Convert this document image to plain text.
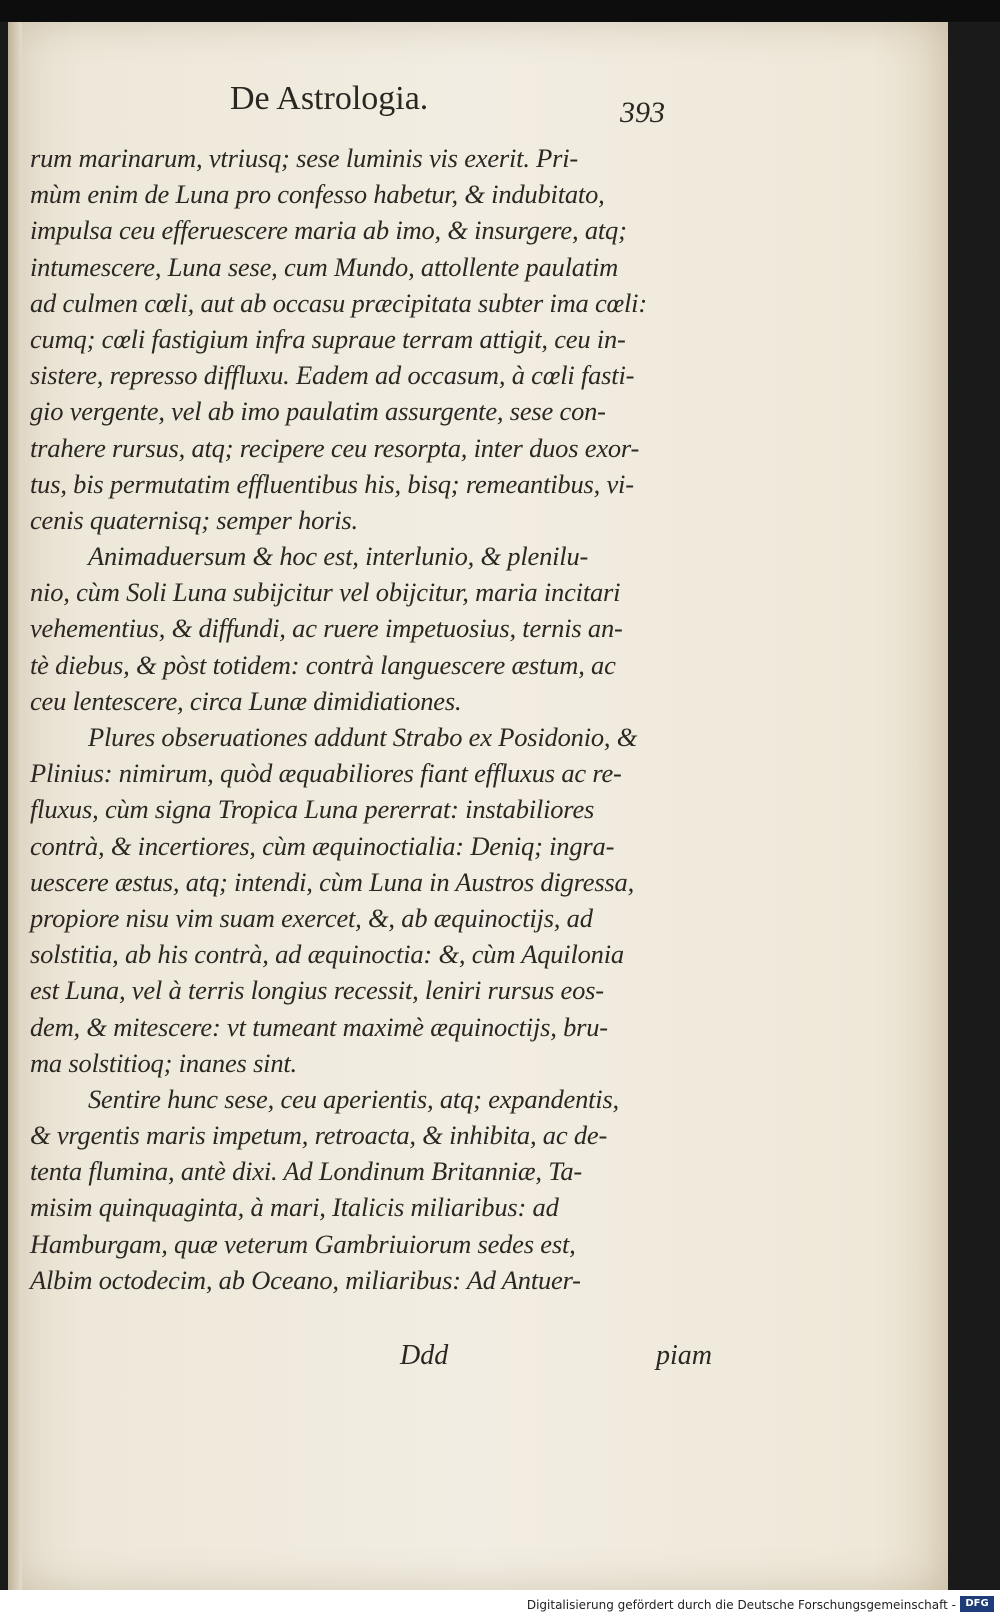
De Astrologia.	393
rum marinarum, vtriusq; sese luminis vis exerit. Pri-
mùm enim de Luna pro confesso habetur, & indubitato,
impulsa ceu efferuescere maria ab imo, & insurgere, atq;
intumescere, Luna sese, cum Mundo, attollente paulatim
ad culmen cœli, aut ab occasu præcipitata subter ima cœli:
cumq; cœli fastigium infra supraue terram attigit, ceu in-
sistere, represso diffluxu. Eadem ad occasum, à cœli fasti-
gio vergente, vel ab imo paulatim assurgente, sese con-
trahere rursus, atq; recipere ceu resorpta, inter duos exor-
tus, bis permutatim effluentibus his, bisq; remeantibus, vi-
cenis quaternisq; semper horis.
Animaduersum & hoc est, interlunio, & plenilu-
nio, cùm Soli Luna subijcitur vel obijcitur, maria incitari
vehementius, & diffundi, ac ruere impetuosius, ternis an-
tè diebus, & pòst totidem: contrà languescere æstum, ac
ceu lentescere, circa Lunæ dimidiationes.
Plures obseruationes addunt Strabo ex Posidonio, &
Plinius: nimirum, quòd æquabiliores fiant effluxus ac re-
fluxus, cùm signa Tropica Luna pererrat: instabiliores
contrà, & incertiores, cùm æquinoctialia: Deniq; ingra-
uescere æstus, atq; intendi, cùm Luna in Austros digressa,
propiore nisu vim suam exercet, &, ab æquinoctijs, ad
solstitia, ab his contrà, ad æquinoctia: &, cùm Aquilonia
est Luna, vel à terris longius recessit, leniri rursus eos-
dem, & mitescere: vt tumeant maximè æquinoctijs, bru-
ma solstitioq; inanes sint.
Sentire hunc sese, ceu aperientis, atq; expandentis,
& vrgentis maris impetum, retroacta, & inhibita, ac de-
tenta flumina, antè dixi. Ad Londinum Britanniæ, Ta-
misim quinquaginta, à mari, Italicis miliaribus: ad
Hamburgam, quæ veterum Gambriuiorum sedes est,
Albim octodecim, ab Oceano, miliaribus: Ad Antuer-
Ddd	piam
Digitalisierung gefördert durch die Deutsche Forschungsgemeinschaft - DFG
